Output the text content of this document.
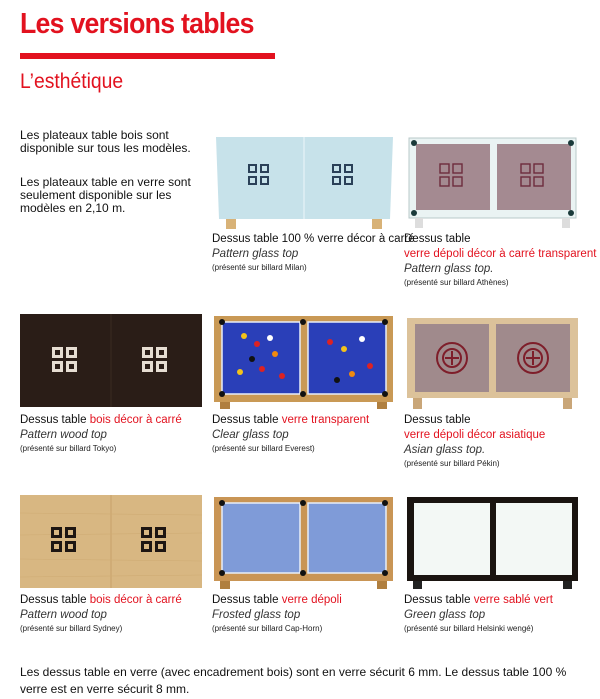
Les versions tables
L’esthétique

Les plateaux table bois sont disponible sur tous les modèles.

Les plateaux table en verre sont seulement disponible sur les modèles en 2,10 m.

Dessus table 100 % verre décor à carré
Pattern glass top
(présenté sur billard Milan)
Dessus table
verre dépoli décor à carré transparent
Pattern glass top.
(présenté sur billard Athènes)
Dessus table bois décor à carré
Pattern wood top
(présenté sur billard Tokyo)
Dessus table verre transparent
Clear glass top
(présenté sur billard Everest)
Dessus table
verre dépoli décor asiatique
Asian glass top.
(présenté sur billard Pékin)
Dessus table bois décor à carré
Pattern wood top
(présenté sur billard Sydney)
Dessus table verre dépoli
Frosted glass top
(présenté sur billard Cap-Horn)
Dessus table verre sablé vert
Green glass top
(présenté sur billard Helsinki wengé)

Les dessus table en verre (avec encadrement bois) sont en verre sécurit 6 mm. Le dessus table 100 % verre est en verre sécurit 8 mm.
